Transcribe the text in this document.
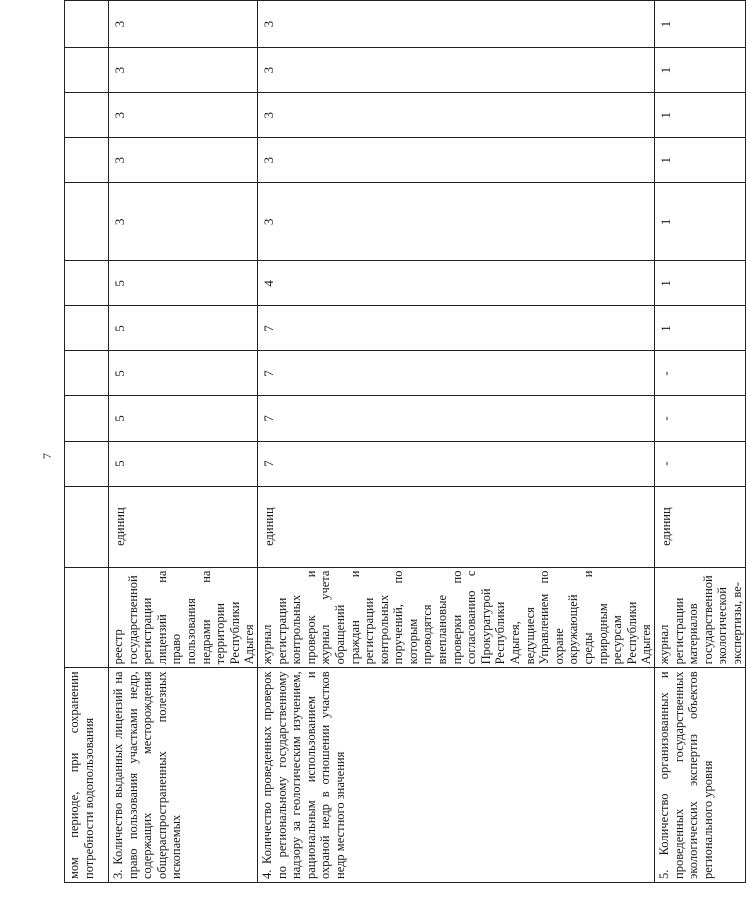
7
мом периоде, при сохранении потребности водопользования												
3. Количество выданных лицензий на право пользования участками недр, содержащих месторождения общераспространенных полезных ископаемых	реестр государственной регистрации лицензий на право пользования недрами на территории Республики Адыгея	единиц	5	5	5	5	5	3	3	3	3	3
4. Количество проведенных проверок по региональному государственному надзору за геологическим изучением, рациональным использованием и охраной недр в отношении участков недр местного значения	журнал регистрации контрольных проверок и журнал учета обращений граждан и регистрации контрольных поручений, по которым проводятся внеплановые проверки по согласованию с Прокуратурой Республики Адыгея, ведущиеся Управлением по охране окружающей среды и природным ресурсам Республики Адыгея	единиц	7	7	7	7	4	3	3	3	3	3
5. Количество организованных и проведенных государственных экологических экспертиз объектов регионального уровня	журнал регистрации материалов государственной экологической экспертизы, ве-	единиц	-	-	-	1	1	1	1	1	1	1
